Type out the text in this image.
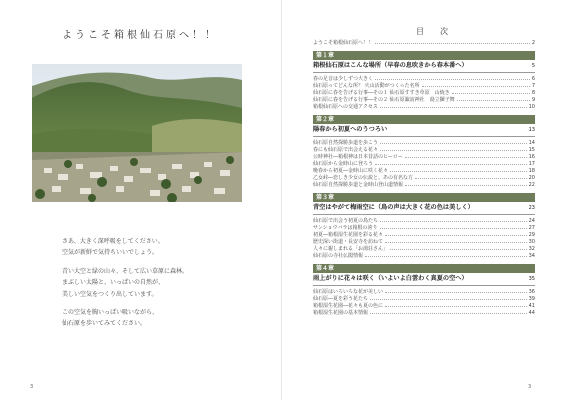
ようこそ箱根仙石原へ！！

さあ、大きく深呼吸をしてください。

空気が新鮮で気持ちいいでしょう。

青い大空と緑の山々、そして広い草原に森林。

まぶしい太陽と、いっぱいの自然が、

美しい空気をつくり出しています。

この空気を胸いっぱい吸いながら、

仙石原を歩いてみてください。

3
目　次
ようこそ箱根仙石原へ！！	2
第１章
箱根仙石原はこんな場所（早春の息吹きから春本番へ）	5
春の足音は少しずつ大きく	6
仙石原ってどんな所？ 火山活動がつくった名所	7
仙石原に春を告げる行事―その１ 仙石原すすき草原　山焼き	8
仙石原に春を告げる行事―その２ 仙石原諏訪神社　湯立獅子舞	9
箱根仙石原への交通アクセス	10
第２章
陽春から初夏へのうつろい	13
仙石原自然探勝歩道を歩こう	14
春にも仙石原で出会える花々	15
公時神社―箱根神は日本昔話のヒーロー	16
仙石原から金時山に登ろう	17
晩春から初夏―金時山に咲く花々	18
乙女峠―恋しき少女の伝説と、あの有名な方	20
仙石原自然探勝歩道と金時山登山道情報	22
第３章
青空はやがて梅雨空に（鳥の声は大きく花の色は美しく）	23
仙石原で出会う初夏の鳥たち	24
サンショウバラは箱根の誇り	27
初夏―箱根湿生花園を彩る花々	29
歴史深い街道・長安寺を訪ねて	30
人々に親しまれる「お湯荘さん」	32
仙石原の寺社仏閣情報	34
第４章
雨上がりに花々は咲く（いよいよ白雲わく真夏の空へ）	35
仙石原はいろいろな花が美しい	36
仙石原―夏を彩う花たち	39
箱根湿生花園―花々も夏の色に	41
箱根湿生花園の基本情報	44
3
